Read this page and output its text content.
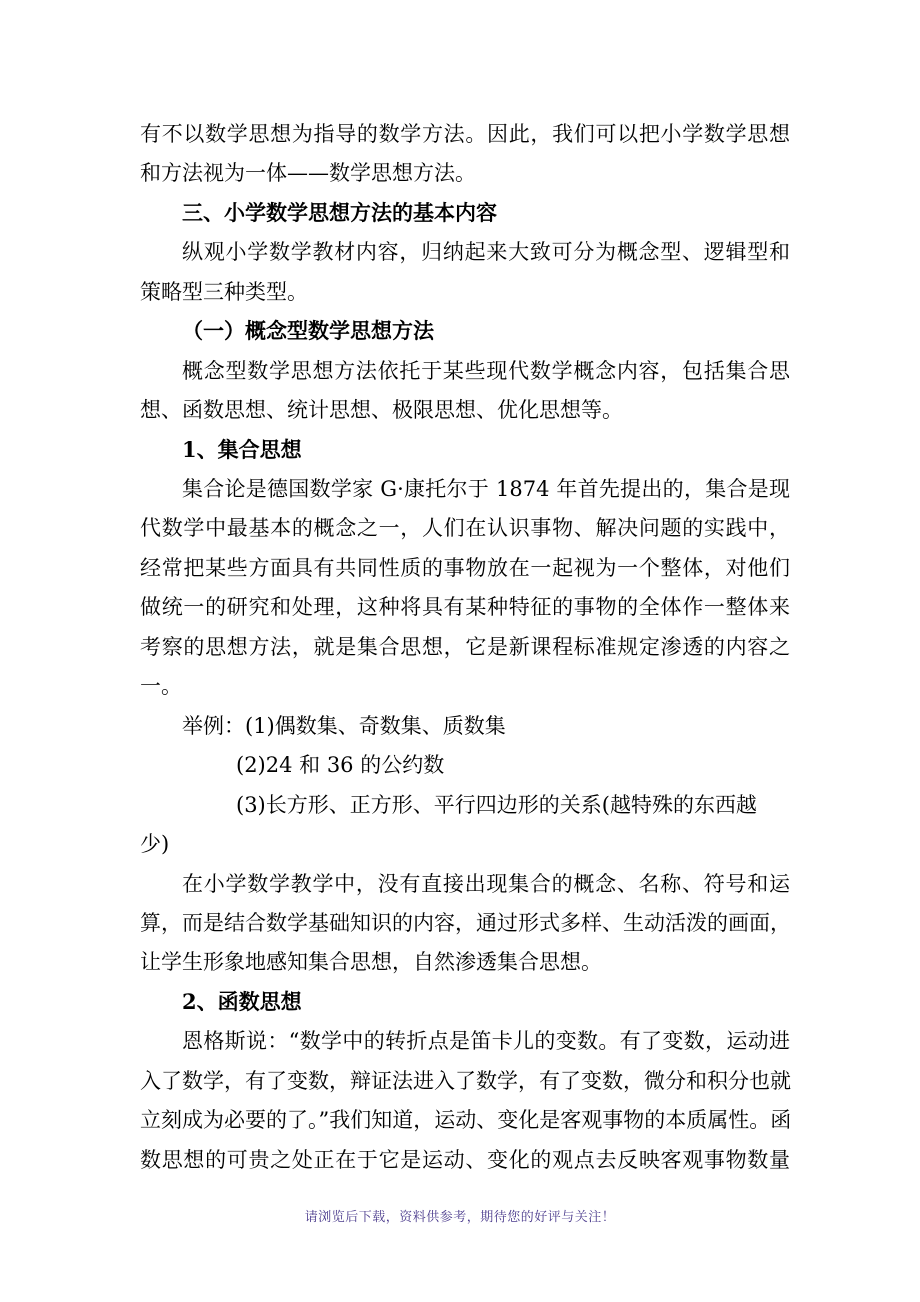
有不以数学思想为指导的数学方法。因此，我们可以把小学数学思想
和方法视为一体——数学思想方法。
三、小学数学思想方法的基本内容
纵观小学数学教材内容，归纳起来大致可分为概念型、逻辑型和
策略型三种类型。
（一）概念型数学思想方法
概念型数学思想方法依托于某些现代数学概念内容，包括集合思
想、函数思想、统计思想、极限思想、优化思想等。
1、集合思想
集合论是德国数学家 G·康托尔于 1874 年首先提出的，集合是现
代数学中最基本的概念之一，人们在认识事物、解决问题的实践中，
经常把某些方面具有共同性质的事物放在一起视为一个整体，对他们
做统一的研究和处理，这种将具有某种特征的事物的全体作一整体来
考察的思想方法，就是集合思想，它是新课程标准规定渗透的内容之
一。
举例：(1)偶数集、奇数集、质数集
(2)24 和 36 的公约数
(3)长方形、正方形、平行四边形的关系(越特殊的东西越
少)
在小学数学教学中，没有直接出现集合的概念、名称、符号和运
算，而是结合数学基础知识的内容，通过形式多样、生动活泼的画面，
让学生形象地感知集合思想，自然渗透集合思想。
2、函数思想
恩格斯说：“数学中的转折点是笛卡儿的变数。有了变数，运动进
入了数学，有了变数，辩证法进入了数学，有了变数，微分和积分也就
立刻成为必要的了。”我们知道，运动、变化是客观事物的本质属性。函
数思想的可贵之处正在于它是运动、变化的观点去反映客观事物数量
请浏览后下载，资料供参考，期待您的好评与关注！
